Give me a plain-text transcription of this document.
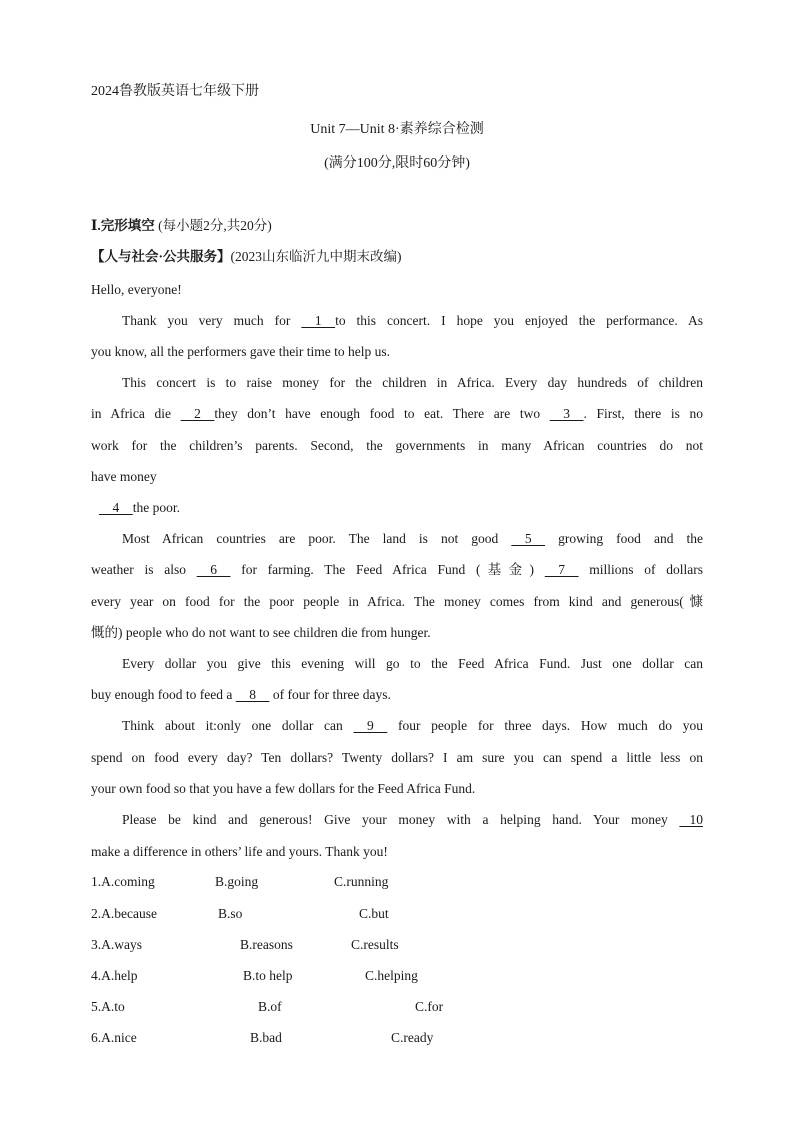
2024鲁教版英语七年级下册
Unit 7—Unit 8·素养综合检测
(满分100分,限时60分钟)
Ⅰ.完形填空 (每小题2分,共20分)
【人与社会·公共服务】(2023山东临沂九中期末改编)
Hello, everyone!
Thank you very much for     1    to this concert. I hope you enjoyed the performance. As
you know, all the performers gave their time to help us.
This concert is to raise money for the children in Africa. Every day hundreds of children
in Africa die     2    they don’t have enough food to eat. There are two     3    . First, there is no
work for the children’s parents. Second, the governments in many African countries do not
have money
4    the poor.
Most African countries are poor. The land is not good     5     growing food and the
weather is also     6     for farming. The Feed Africa Fund (基金)     7     millions of dollars
every year on food for the poor people in Africa. The money comes from kind and generous(慷
慨的) people who do not want to see children die from hunger.
Every dollar you give this evening will go to the Feed Africa Fund. Just one dollar can
buy enough food to feed a     8     of four for three days.
Think about it:only one dollar can     9     four people for three days. How much do you
spend on food every day? Ten dollars? Twenty dollars? I am sure you can spend a little less on
your own food so that you have a few dollars for the Feed Africa Fund.
Please be kind and generous! Give your money with a helping hand. Your money    10
make a difference in others’ life and yours. Thank you!
1.A.coming	B.going	C.running
2.A.because	B.so	C.but
3.A.ways	B.reasons	C.results
4.A.help	B.to help	C.helping
5.A.to	B.of	C.for
6.A.nice	B.bad	C.ready
